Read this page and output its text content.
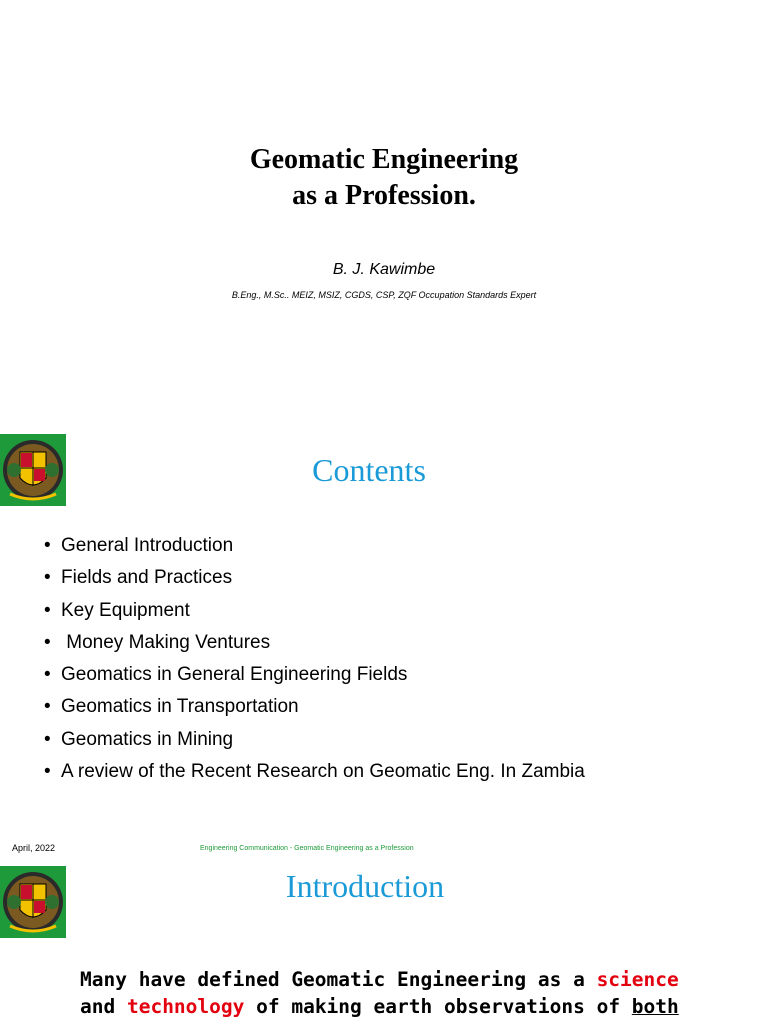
Geomatic Engineering
as a Profession.
B. J. Kawimbe
B.Eng., M.Sc.. MEIZ, MSIZ, CGDS, CSP, ZQF Occupation Standards Expert
Contents
• General Introduction
• Fields and Practices
• Key Equipment
• Money Making Ventures
• Geomatics in General Engineering Fields
• Geomatics in Transportation
• Geomatics in Mining
• A review of the Recent Research on Geomatic Eng. In Zambia
April, 2022	Engineering Communication - Geomatic Engineering as a Profession
Introduction
Many have defined Geomatic Engineering as a science
and technology of making earth observations of both
